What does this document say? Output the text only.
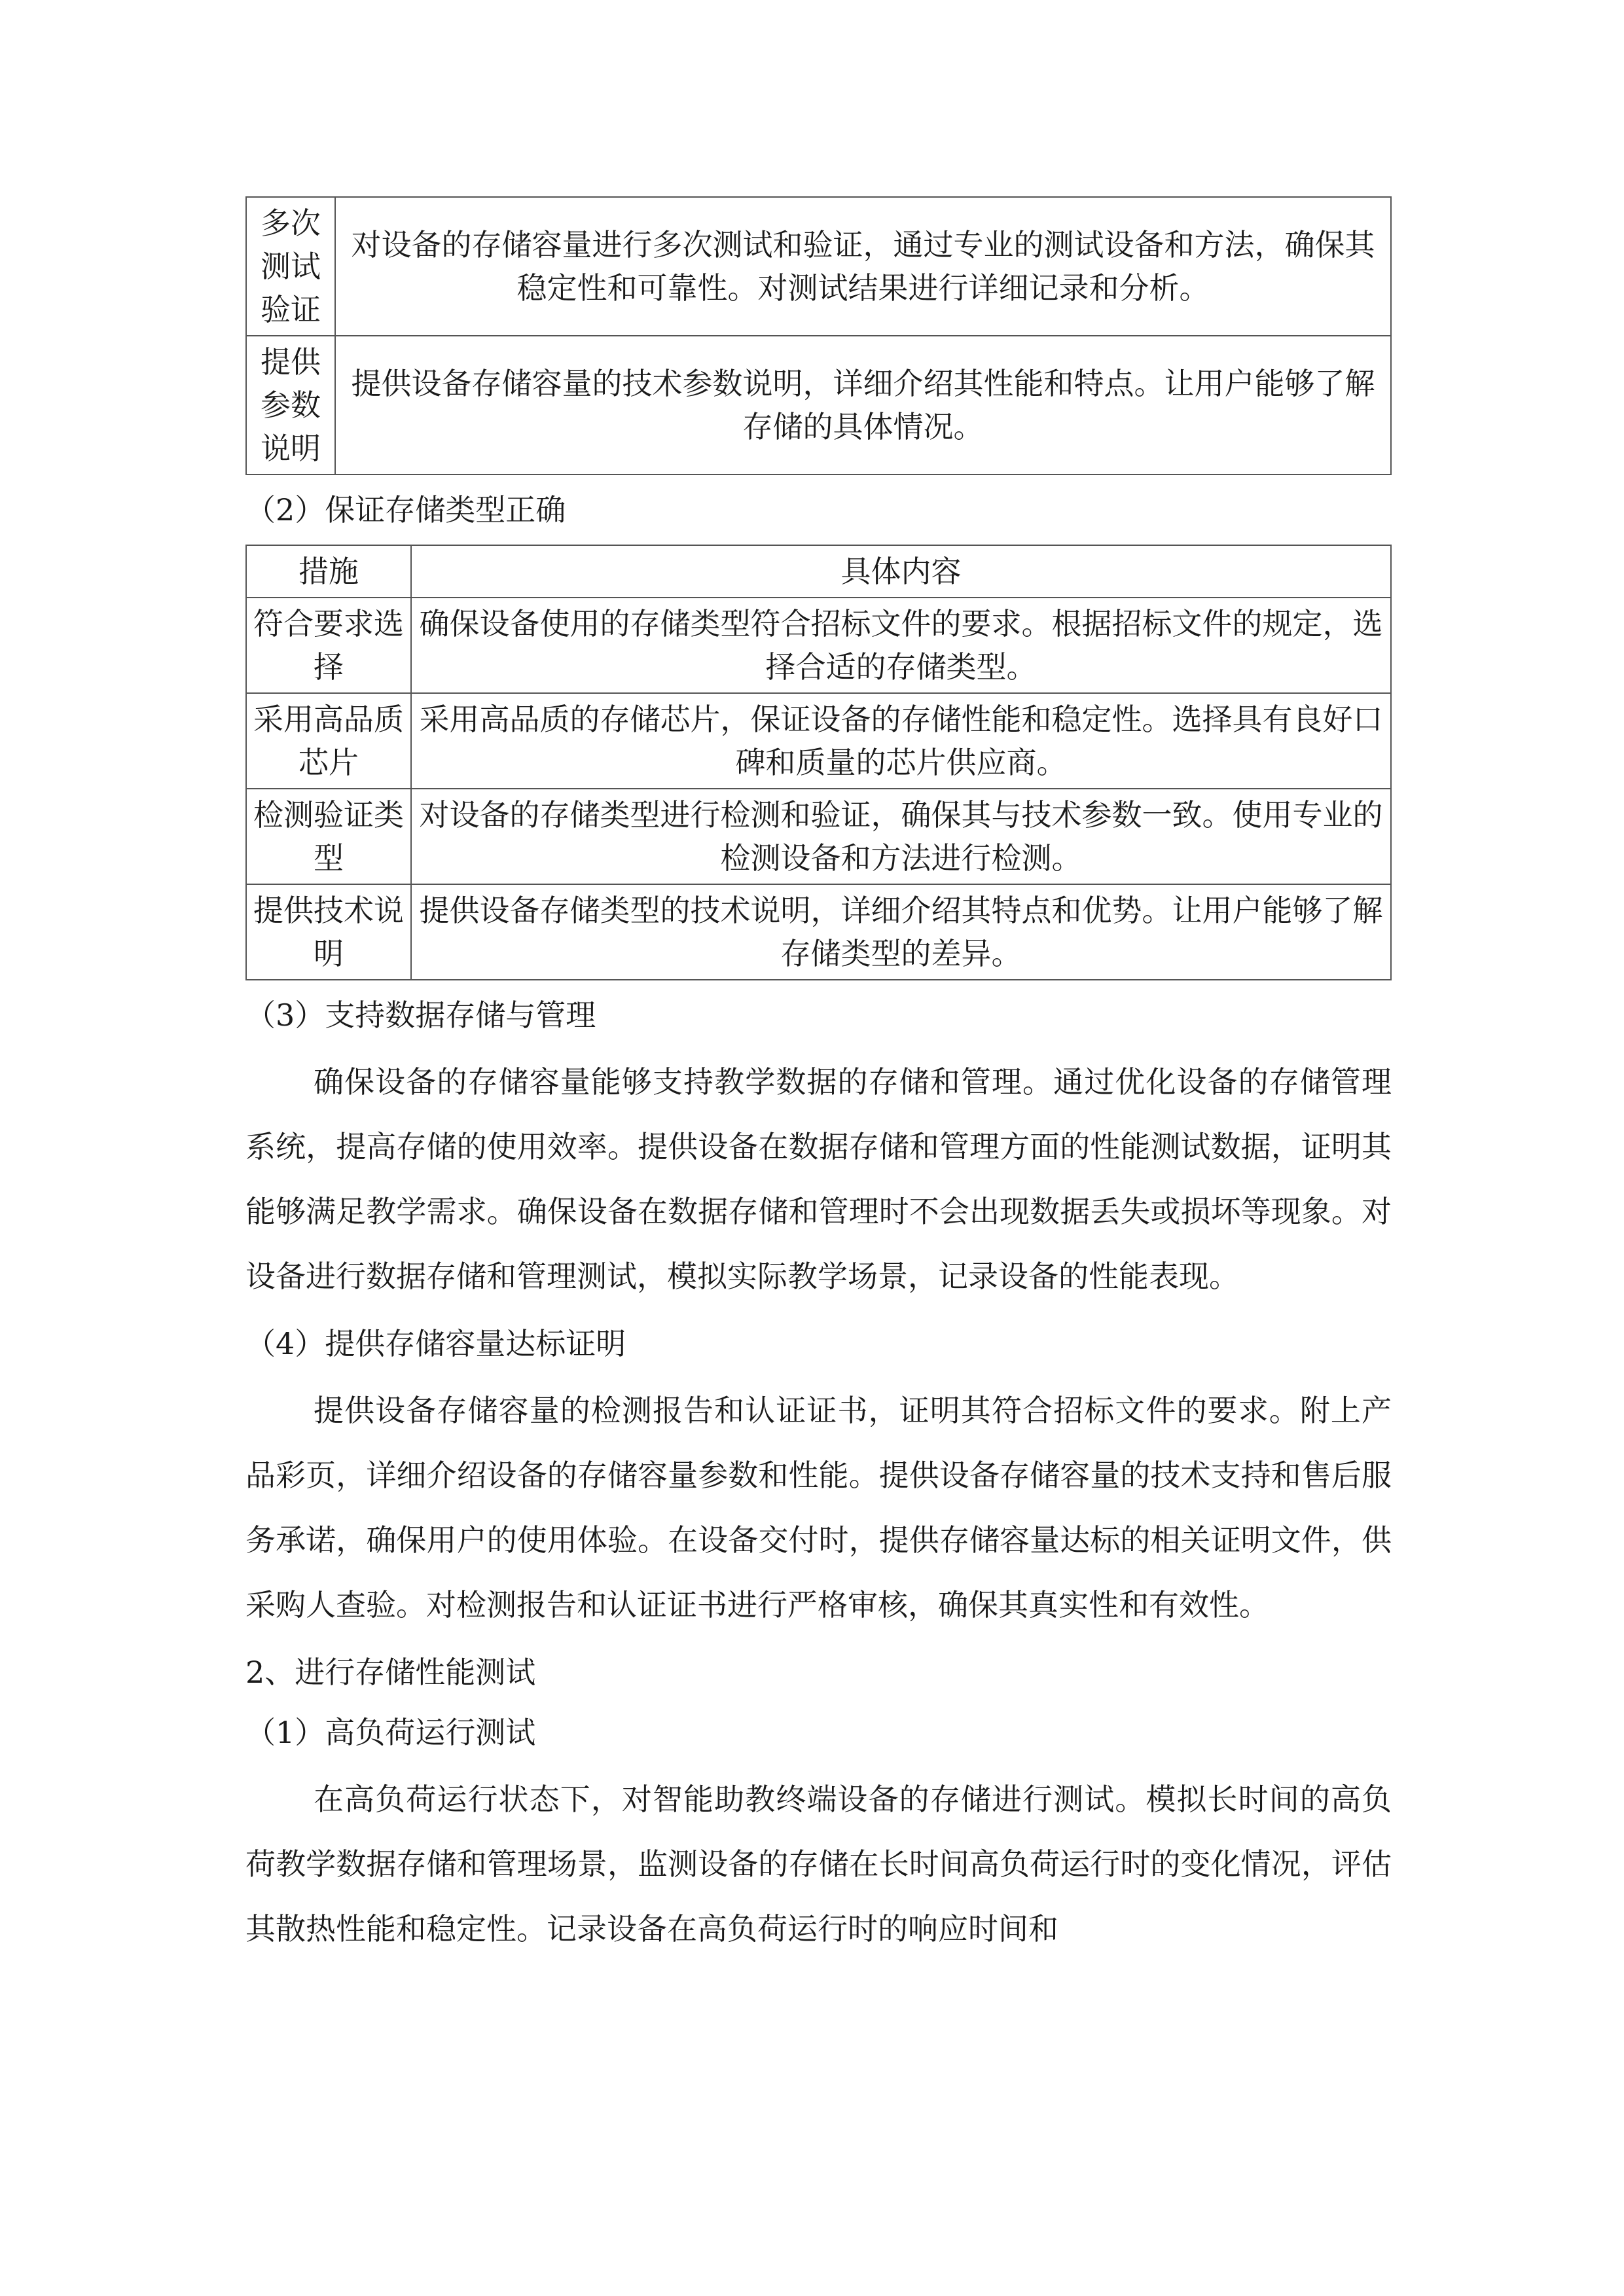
多次测试验证	对设备的存储容量进行多次测试和验证，通过专业的测试设备和方法，确保其稳定性和可靠性。对测试结果进行详细记录和分析。
提供参数说明	提供设备存储容量的技术参数说明，详细介绍其性能和特点。让用户能够了解存储的具体情况。
（2）保证存储类型正确
措施	具体内容
符合要求选择	确保设备使用的存储类型符合招标文件的要求。根据招标文件的规定，选择合适的存储类型。
采用高品质芯片	采用高品质的存储芯片，保证设备的存储性能和稳定性。选择具有良好口碑和质量的芯片供应商。
检测验证类型	对设备的存储类型进行检测和验证，确保其与技术参数一致。使用专业的检测设备和方法进行检测。
提供技术说明	提供设备存储类型的技术说明，详细介绍其特点和优势。让用户能够了解存储类型的差异。
（3）支持数据存储与管理

确保设备的存储容量能够支持教学数据的存储和管理。通过优化设备的存储管理系统，提高存储的使用效率。提供设备在数据存储和管理方面的性能测试数据，证明其能够满足教学需求。确保设备在数据存储和管理时不会出现数据丢失或损坏等现象。对设备进行数据存储和管理测试，模拟实际教学场景，记录设备的性能表现。

（4）提供存储容量达标证明

提供设备存储容量的检测报告和认证证书，证明其符合招标文件的要求。附上产品彩页，详细介绍设备的存储容量参数和性能。提供设备存储容量的技术支持和售后服务承诺，确保用户的使用体验。在设备交付时，提供存储容量达标的相关证明文件，供采购人查验。对检测报告和认证证书进行严格审核，确保其真实性和有效性。

2、进行存储性能测试
（1）高负荷运行测试

在高负荷运行状态下，对智能助教终端设备的存储进行测试。模拟长时间的高负荷教学数据存储和管理场景，监测设备的存储在长时间高负荷运行时的变化情况，评估其散热性能和稳定性。记录设备在高负荷运行时的响应时间和
